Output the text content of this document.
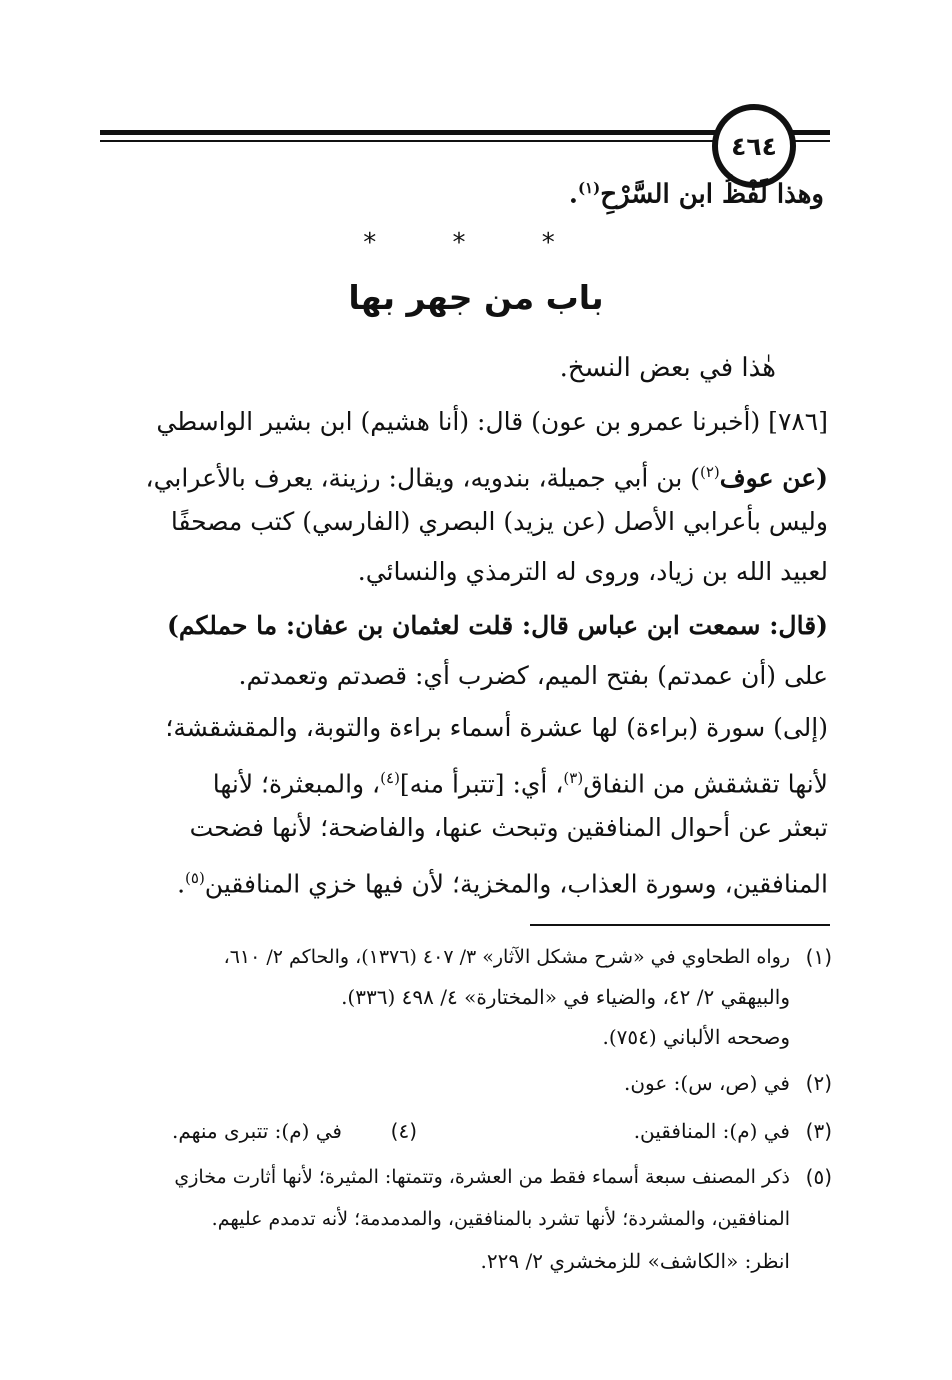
٤٦٤
وهذا لَفْظُ ابن السَّرْحِ$^{(١)}$.
* * *
باب من جهر بها
هٰذا في بعض النسخ.
[٧٨٦] (أخبرنا عمرو بن عون) قال: (أنا هشيم) ابن بشير الواسطي
(عن عوف$^{(٢)}$) بن أبي جميلة، بندويه، ويقال: رزينة، يعرف بالأعرابي،
وليس بأعرابي الأصل (عن يزيد) البصري (الفارسي) كتب مصحفًا
لعبيد الله بن زياد، وروى له الترمذي والنسائي.
(قال: سمعت ابن عباس قال: قلت لعثمان بن عفان: ما حملكم)
على (أن عمدتم) بفتح الميم، كضرب أي: قصدتم وتعمدتم.
(إلى) سورة (براءة) لها عشرة أسماء براءة والتوبة، والمقشقشة؛
لأنها تقشقش من النفاق$^{(٣)}$، أي: [تتبرأ منه]$^{(٤)}$، والمبعثرة؛ لأنها
تبعثر عن أحوال المنافقين وتبحث عنها، والفاضحة؛ لأنها فضحت
المنافقين، وسورة العذاب، والمخزية؛ لأن فيها خزي المنافقين$^{(٥)}$.
(١)
رواه الطحاوي في «شرح مشكل الآثار» ٣/ ٤٠٧ (١٣٧٦)، والحاكم ٢/ ٦١٠،
والبيهقي ٢/ ٤٢، والضياء في «المختارة» ٤/ ٤٩٨ (٣٣٦).
وصححه الألباني (٧٥٤).
(٢)
في (ص، س): عون.
(٣)
في (م): المنافقين.
(٤)
في (م): تتبرى منهم.
(٥)
ذكر المصنف سبعة أسماء فقط من العشرة، وتتمتها: المثيرة؛ لأنها أثارت مخازي
المنافقين، والمشردة؛ لأنها تشرد بالمنافقين، والمدمدمة؛ لأنه تدمدم عليهم.
انظر: «الكاشف» للزمخشري ٢/ ٢٢٩.
